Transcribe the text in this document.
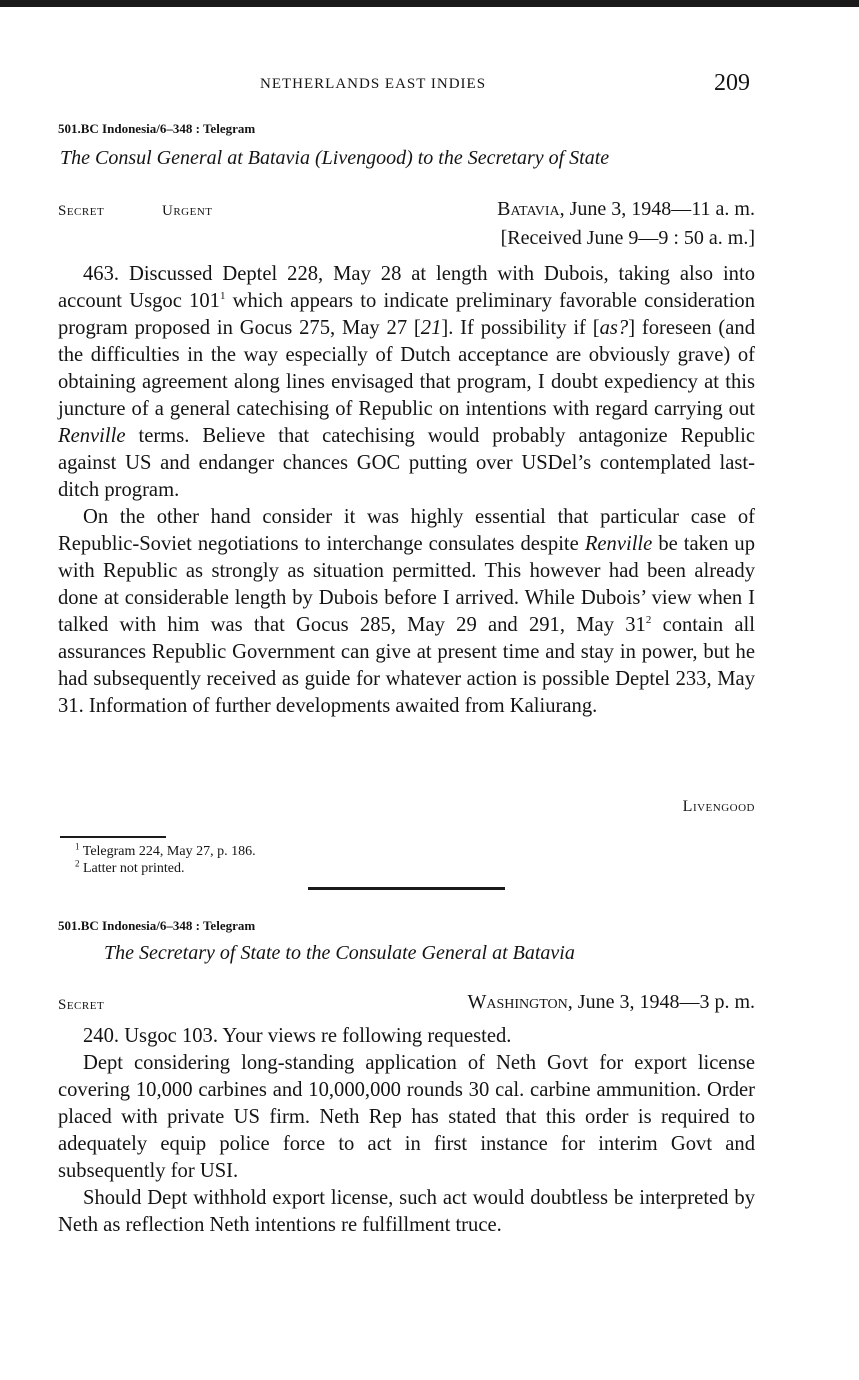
NETHERLANDS EAST INDIES	209
501.BC Indonesia/6–348 : Telegram
The Consul General at Batavia (Livengood) to the Secretary of State
Secret	Urgent	Batavia, June 3, 1948—11 a. m.
[Received June 9—9 : 50 a. m.]

463. Discussed Deptel 228, May 28 at length with Dubois, taking also into account Usgoc $101^1$ which appears to indicate preliminary favorable consideration program proposed in Gocus 275, May 27 [21]. If possibility if [as?] foreseen (and the difficulties in the way especially of Dutch acceptance are obviously grave) of obtaining agreement along lines envisaged that program, I doubt expediency at this juncture of a general catechising of Republic on intentions with regard carrying out Renville terms. Believe that catechising would probably antagonize Republic against US and endanger chances GOC putting over USDel’s contemplated last-ditch program.

On the other hand consider it was highly essential that particular case of Republic-Soviet negotiations to interchange consulates despite Renville be taken up with Republic as strongly as situation permitted. This however had been already done at considerable length by Dubois before I arrived. While Dubois’ view when I talked with him was that Gocus 285, May 29 and 291, May $31^2$ contain all assurances Republic Government can give at present time and stay in power, but he had subsequently received as guide for whatever action is possible Deptel 233, May 31. Information of further developments awaited from Kaliurang.

Livengood
$^1$ Telegram 224, May 27, p. 186.
$^2$ Latter not printed.
501.BC Indonesia/6–348 : Telegram
The Secretary of State to the Consulate General at Batavia
Secret	Washington, June 3, 1948—3 p. m.

240. Usgoc 103. Your views re following requested.

Dept considering long-standing application of Neth Govt for export license covering 10,000 carbines and 10,000,000 rounds 30 cal. carbine ammunition. Order placed with private US firm. Neth Rep has stated that this order is required to adequately equip police force to act in first instance for interim Govt and subsequently for USI.

Should Dept withhold export license, such act would doubtless be interpreted by Neth as reflection Neth intentions re fulfillment truce.
